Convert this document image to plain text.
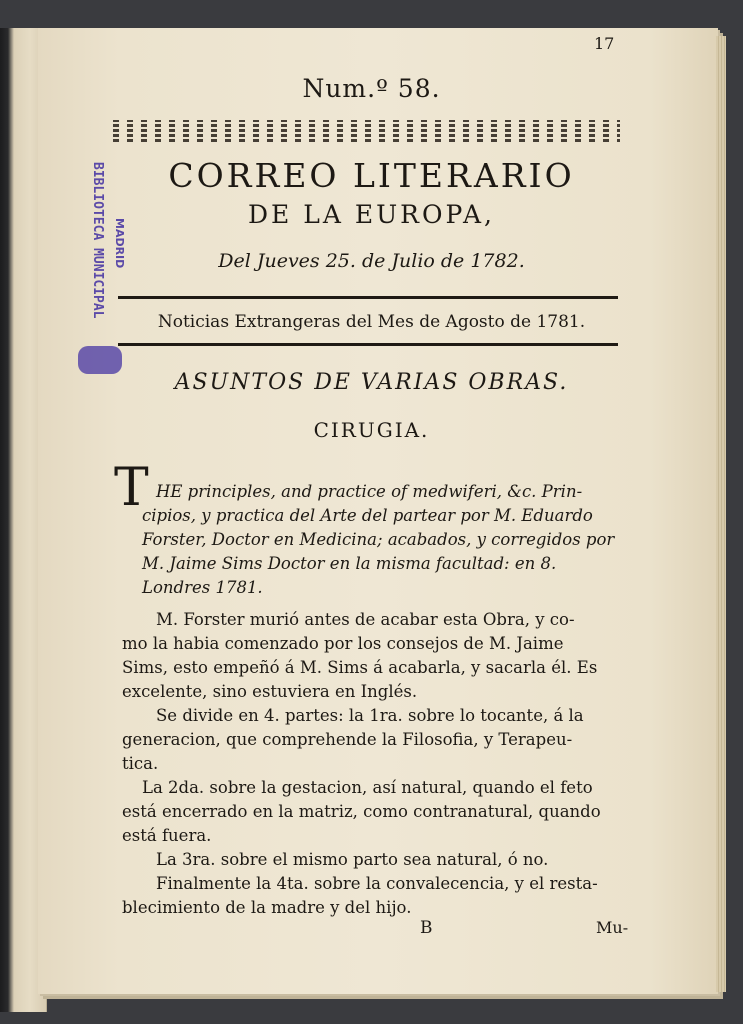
17
Num.º 58.
CORREO LITERARIO
DE LA EUROPA,
Del Jueves 25. de Julio de 1782.
Noticias Extrangeras del Mes de Agosto de 1781.
ASUNTOS DE VARIAS OBRAS.
CIRUGIA.
BIBLIOTECA MUNICIPAL MADRID
T HE principles, and practice of medwiferi, &c. Prin-
cipios, y practica del Arte del partear por M. Eduardo
Forster, Doctor en Medicina; acabados, y corregidos por
M. Jaime Sims Doctor en la misma facultad: en 8.
Londres 1781.
M. Forster murió antes de acabar esta Obra, y co-
mo la habia comenzado por los consejos de M. Jaime
Sims, esto empeñó á M. Sims á acabarla, y sacarla él. Es
excelente, sino estuviera en Inglés.
Se divide en 4. partes: la 1ra. sobre lo tocante, á la
generacion, que comprehende la Filosofia, y Terapeu-
tica.
La 2da. sobre la gestacion, así natural, quando el feto
está encerrado en la matriz, como contranatural, quando
está fuera.
La 3ra. sobre el mismo parto sea natural, ó no.
Finalmente la 4ta. sobre la convalecencia, y el resta-
blecimiento de la madre y del hijo.
B	Mu-
